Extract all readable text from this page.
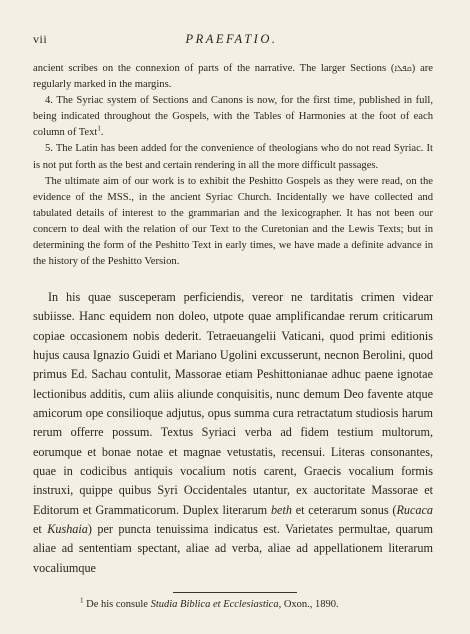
vii	PRAEFATIO.

ancient scribes on the connexion of parts of the narrative. The larger Sections (ܩܦܠܐ) are regularly marked in the margins.

4. The Syriac system of Sections and Canons is now, for the first time, published in full, being indicated throughout the Gospels, with the Tables of Harmonies at the foot of each column of Text$^1$.

5. The Latin has been added for the convenience of theologians who do not read Syriac. It is not put forth as the best and certain rendering in all the more difficult passages.

The ultimate aim of our work is to exhibit the Peshitto Gospels as they were read, on the evidence of the MSS., in the ancient Syriac Church. Incidentally we have collected and tabulated details of interest to the grammarian and the lexicographer. It has not been our concern to deal with the relation of our Text to the Curetonian and the Lewis Texts; but in determining the form of the Peshitto Text in early times, we have made a definite advance in the history of the Peshitto Version.

In his quae susceperam perficiendis, vereor ne tarditatis crimen videar subiisse. Hanc equidem non doleo, utpote quae amplificandae rerum criticarum copiae occasionem nobis dederit. Tetraeuangelii Vaticani, quod primi editionis hujus causa Ignazio Guidi et Mariano Ugolini excusserunt, necnon Berolini, quod primus Ed. Sachau contulit, Massorae etiam Peshittonianae adhuc paene ignotae lectionibus additis, cum aliis aliunde conquisitis, nunc demum Deo favente atque amicorum ope consilioque adjutus, opus summa cura retractatum studiosis harum rerum offerre possum. Textus Syriaci verba ad fidem testium multorum, eorumque et bonae notae et magnae vetustatis, recensui. Literas consonantes, quae in codicibus antiquis vocalium notis carent, Graecis vocalium formis instruxi, quippe quibus Syri Occidentales utantur, ex auctoritate Massorae et Editorum et Grammaticorum. Duplex literarum beth et ceterarum sonus (Rucaca et Kushaia) per puncta tenuissima indicatus est. Varietates permultae, quarum aliae ad sententiam spectant, aliae ad verba, aliae ad appellationem literarum vocaliumque

$^1$ De his consule Studia Biblica et Ecclesiastica, Oxon., 1890.
